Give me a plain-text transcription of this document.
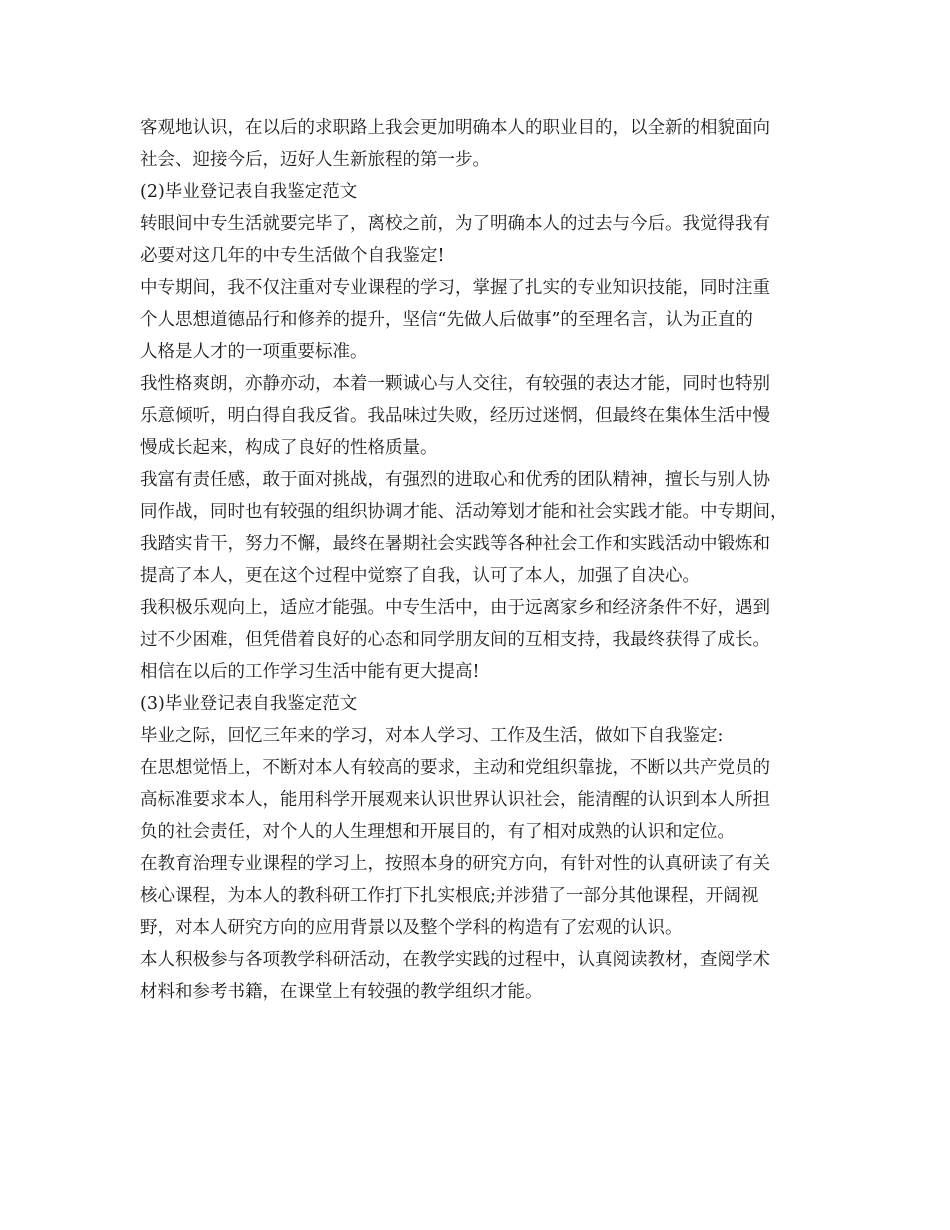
客观地认识，在以后的求职路上我会更加明确本人的职业目的，以全新的相貌面向
社会、迎接今后，迈好人生新旅程的第一步。
(2)毕业登记表自我鉴定范文
转眼间中专生活就要完毕了，离校之前，为了明确本人的过去与今后。我觉得我有
必要对这几年的中专生活做个自我鉴定!
中专期间，我不仅注重对专业课程的学习，掌握了扎实的专业知识技能，同时注重
个人思想道德品行和修养的提升，坚信“先做人后做事”的至理名言，认为正直的
人格是人才的一项重要标准。
我性格爽朗，亦静亦动，本着一颗诚心与人交往，有较强的表达才能，同时也特别
乐意倾听，明白得自我反省。我品味过失败，经历过迷惘，但最终在集体生活中慢
慢成长起来，构成了良好的性格质量。
我富有责任感，敢于面对挑战，有强烈的进取心和优秀的团队精神，擅长与别人协
同作战，同时也有较强的组织协调才能、活动筹划才能和社会实践才能。中专期间，
我踏实肯干，努力不懈，最终在暑期社会实践等各种社会工作和实践活动中锻炼和
提高了本人，更在这个过程中觉察了自我，认可了本人，加强了自决心。
我积极乐观向上，适应才能强。中专生活中，由于远离家乡和经济条件不好，遇到
过不少困难，但凭借着良好的心态和同学朋友间的互相支持，我最终获得了成长。
相信在以后的工作学习生活中能有更大提高!
(3)毕业登记表自我鉴定范文
毕业之际，回忆三年来的学习，对本人学习、工作及生活，做如下自我鉴定:
在思想觉悟上，不断对本人有较高的要求，主动和党组织靠拢，不断以共产党员的
高标准要求本人，能用科学开展观来认识世界认识社会，能清醒的认识到本人所担
负的社会责任，对个人的人生理想和开展目的，有了相对成熟的认识和定位。
在教育治理专业课程的学习上，按照本身的研究方向，有针对性的认真研读了有关
核心课程，为本人的教科研工作打下扎实根底;并涉猎了一部分其他课程，开阔视
野，对本人研究方向的应用背景以及整个学科的构造有了宏观的认识。
本人积极参与各项教学科研活动，在教学实践的过程中，认真阅读教材，查阅学术
材料和参考书籍，在课堂上有较强的教学组织才能。
